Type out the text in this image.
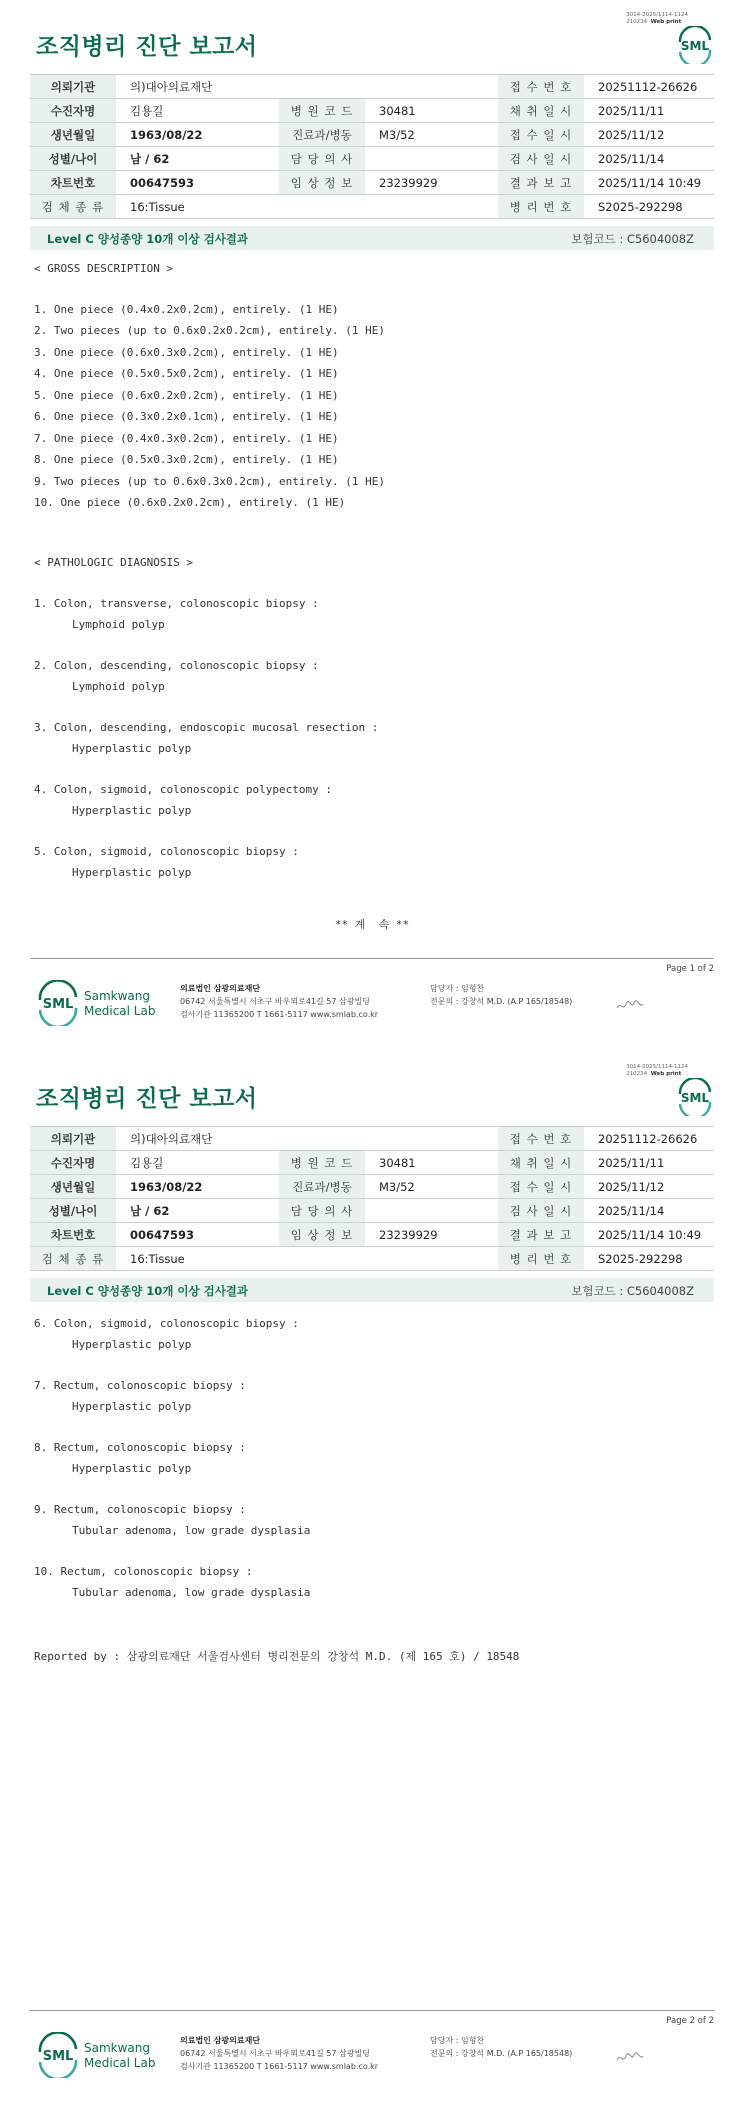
3014-2025/1114-1124
210234 Web print
SML
조직병리 진단 보고서
의뢰기관	의)대아의료재단			접 수 번 호	20251112-26626
수진자명	김용길	병 원 코 드	30481	채 취 일 시	2025/11/11
생년월일	1963/08/22	진료과/병동	M3/52	접 수 일 시	2025/11/12
성별/나이	남 / 62	담 당 의 사		검 사 일 시	2025/11/14
차트번호	00647593	임 상 정 보	23239929	결 과 보 고	2025/11/14 10:49
검 체 종 류	16:Tissue			병 리 번 호	S2025-292298
Level C 양성종양 10개 이상 검사결과	보험코드 : C5604008Z
< GROSS DESCRIPTION >
1. One piece (0.4x0.2x0.2cm), entirely. (1 HE)
2. Two pieces (up to 0.6x0.2x0.2cm), entirely. (1 HE)
3. One piece (0.6x0.3x0.2cm), entirely. (1 HE)
4. One piece (0.5x0.5x0.2cm), entirely. (1 HE)
5. One piece (0.6x0.2x0.2cm), entirely. (1 HE)
6. One piece (0.3x0.2x0.1cm), entirely. (1 HE)
7. One piece (0.4x0.3x0.2cm), entirely. (1 HE)
8. One piece (0.5x0.3x0.2cm), entirely. (1 HE)
9. Two pieces (up to 0.6x0.3x0.2cm), entirely. (1 HE)
10. One piece (0.6x0.2x0.2cm), entirely. (1 HE)
< PATHOLOGIC DIAGNOSIS >
1. Colon, transverse, colonoscopic biopsy :
Lymphoid polyp
2. Colon, descending, colonoscopic biopsy :
Lymphoid polyp
3. Colon, descending, endoscopic mucosal resection :
Hyperplastic polyp
4. Colon, sigmoid, colonoscopic polypectomy :
Hyperplastic polyp
5. Colon, sigmoid, colonoscopic biopsy :
Hyperplastic polyp
** 계  속 **
Page 1 of 2
SML
Samkwang
Medical Lab
의료법인 삼광의료재단
06742 서울특별시 서초구 바우뫼로41길 57 삼광빌딩
검사기관 11365200 T 1661-5117 www.smlab.co.kr
담당자 : 임형찬
전문의 : 강창석 M.D. (A.P 165/18548)
3014-2025/1114-1124
210234 Web print
SML
조직병리 진단 보고서
의뢰기관	의)대아의료재단			접 수 번 호	20251112-26626
수진자명	김용길	병 원 코 드	30481	채 취 일 시	2025/11/11
생년월일	1963/08/22	진료과/병동	M3/52	접 수 일 시	2025/11/12
성별/나이	남 / 62	담 당 의 사		검 사 일 시	2025/11/14
차트번호	00647593	임 상 정 보	23239929	결 과 보 고	2025/11/14 10:49
검 체 종 류	16:Tissue			병 리 번 호	S2025-292298
Level C 양성종양 10개 이상 검사결과	보험코드 : C5604008Z
6. Colon, sigmoid, colonoscopic biopsy :
Hyperplastic polyp
7. Rectum, colonoscopic biopsy :
Hyperplastic polyp
8. Rectum, colonoscopic biopsy :
Hyperplastic polyp
9. Rectum, colonoscopic biopsy :
Tubular adenoma, low grade dysplasia
10. Rectum, colonoscopic biopsy :
Tubular adenoma, low grade dysplasia
Reported by : 삼광의료재단 서울검사센터 병리전문의 강창석 M.D. (제 165 호) / 18548
Page 2 of 2
SML
Samkwang
Medical Lab
의료법인 삼광의료재단
06742 서울특별시 서초구 바우뫼로41길 57 삼광빌딩
검사기관 11365200 T 1661-5117 www.smlab.co.kr
담당자 : 임형찬
전문의 : 강창석 M.D. (A.P 165/18548)
